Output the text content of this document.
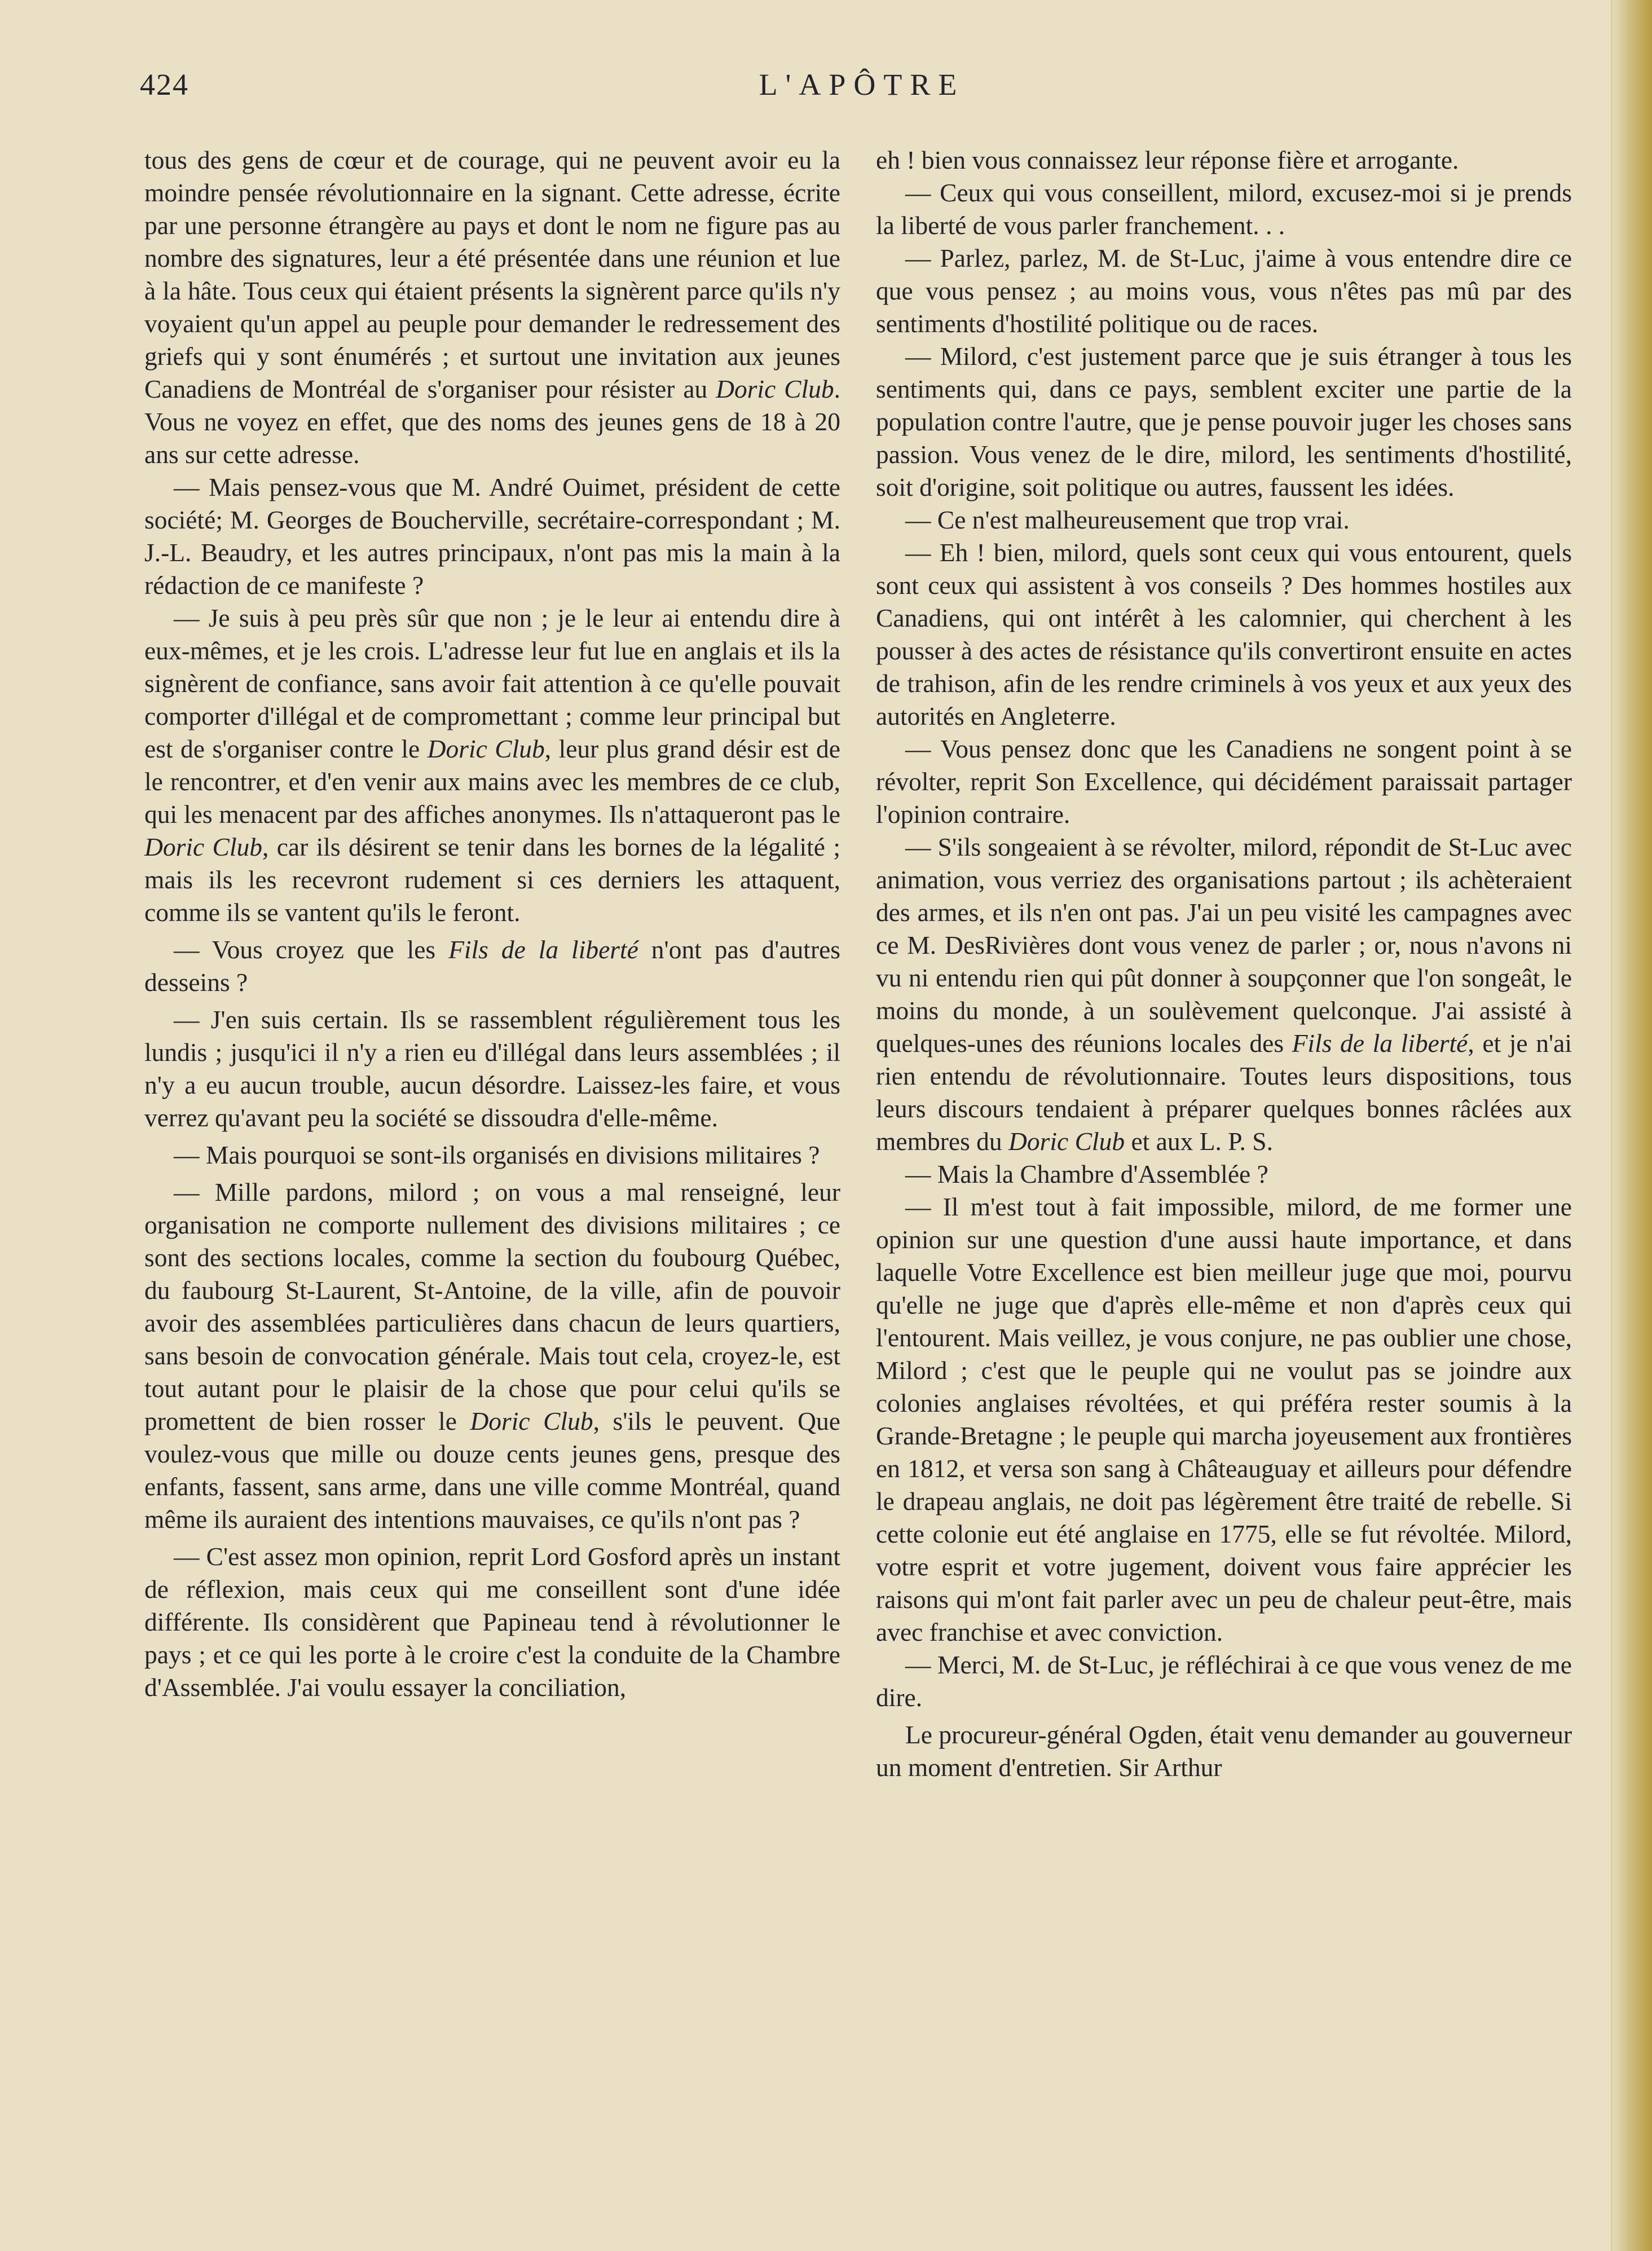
424	L'APÔTRE

tous des gens de cœur et de courage, qui ne peuvent avoir eu la moindre pensée révolutionnaire en la signant. Cette adresse, écrite par une personne étrangère au pays et dont le nom ne figure pas au nombre des signatures, leur a été présentée dans une réunion et lue à la hâte. Tous ceux qui étaient présents la signèrent parce qu'ils n'y voyaient qu'un appel au peuple pour demander le redressement des griefs qui y sont énumérés ; et surtout une invitation aux jeunes Canadiens de Montréal de s'organiser pour résister au Doric Club. Vous ne voyez en effet, que des noms des jeunes gens de 18 à 20 ans sur cette adresse.

— Mais pensez-vous que M. André Ouimet, président de cette société; M. Georges de Boucherville, secrétaire-correspondant ; M. J.-L. Beaudry, et les autres principaux, n'ont pas mis la main à la rédaction de ce manifeste ?

— Je suis à peu près sûr que non ; je le leur ai entendu dire à eux-mêmes, et je les crois. L'adresse leur fut lue en anglais et ils la signèrent de confiance, sans avoir fait attention à ce qu'elle pouvait comporter d'illégal et de compromettant ; comme leur principal but est de s'organiser contre le Doric Club, leur plus grand désir est de le rencontrer, et d'en venir aux mains avec les membres de ce club, qui les menacent par des affiches anonymes. Ils n'attaqueront pas le Doric Club, car ils désirent se tenir dans les bornes de la légalité ; mais ils les recevront rudement si ces derniers les attaquent, comme ils se vantent qu'ils le feront.

— Vous croyez que les Fils de la liberté n'ont pas d'autres desseins ?

— J'en suis certain. Ils se rassemblent régulièrement tous les lundis ; jusqu'ici il n'y a rien eu d'illégal dans leurs assemblées ; il n'y a eu aucun trouble, aucun désordre. Laissez-les faire, et vous verrez qu'avant peu la société se dissoudra d'elle-même.

— Mais pourquoi se sont-ils organisés en divisions militaires ?

— Mille pardons, milord ; on vous a mal renseigné, leur organisation ne comporte nullement des divisions militaires ; ce sont des sections locales, comme la section du foubourg Québec, du faubourg St-Laurent, St-Antoine, de la ville, afin de pouvoir avoir des assemblées particulières dans chacun de leurs quartiers, sans besoin de convocation générale. Mais tout cela, croyez-le, est tout autant pour le plaisir de la chose que pour celui qu'ils se promettent de bien rosser le Doric Club, s'ils le peuvent. Que voulez-vous que mille ou douze cents jeunes gens, presque des enfants, fassent, sans arme, dans une ville comme Montréal, quand même ils auraient des intentions mauvaises, ce qu'ils n'ont pas ?

— C'est assez mon opinion, reprit Lord Gosford après un instant de réflexion, mais ceux qui me conseillent sont d'une idée différente. Ils considèrent que Papineau tend à révolutionner le pays ; et ce qui les porte à le croire c'est la conduite de la Chambre d'Assemblée. J'ai voulu essayer la conciliation,

eh ! bien vous connaissez leur réponse fière et arrogante.

— Ceux qui vous conseillent, milord, excusez-moi si je prends la liberté de vous parler franchement. . .

— Parlez, parlez, M. de St-Luc, j'aime à vous entendre dire ce que vous pensez ; au moins vous, vous n'êtes pas mû par des sentiments d'hostilité politique ou de races.

— Milord, c'est justement parce que je suis étranger à tous les sentiments qui, dans ce pays, semblent exciter une partie de la population contre l'autre, que je pense pouvoir juger les choses sans passion. Vous venez de le dire, milord, les sentiments d'hostilité, soit d'origine, soit politique ou autres, faussent les idées.

— Ce n'est malheureusement que trop vrai.

— Eh ! bien, milord, quels sont ceux qui vous entourent, quels sont ceux qui assistent à vos conseils ? Des hommes hostiles aux Canadiens, qui ont intérêt à les calomnier, qui cherchent à les pousser à des actes de résistance qu'ils convertiront ensuite en actes de trahison, afin de les rendre criminels à vos yeux et aux yeux des autorités en Angleterre.

— Vous pensez donc que les Canadiens ne songent point à se révolter, reprit Son Excellence, qui décidément paraissait partager l'opinion contraire.

— S'ils songeaient à se révolter, milord, répondit de St-Luc avec animation, vous verriez des organisations partout ; ils achèteraient des armes, et ils n'en ont pas. J'ai un peu visité les campagnes avec ce M. DesRivières dont vous venez de parler ; or, nous n'avons ni vu ni entendu rien qui pût donner à soupçonner que l'on songeât, le moins du monde, à un soulèvement quelconque. J'ai assisté à quelques-unes des réunions locales des Fils de la liberté, et je n'ai rien entendu de révolutionnaire. Toutes leurs dispositions, tous leurs discours tendaient à préparer quelques bonnes râclées aux membres du Doric Club et aux L. P. S.

— Mais la Chambre d'Assemblée ?

— Il m'est tout à fait impossible, milord, de me former une opinion sur une question d'une aussi haute importance, et dans laquelle Votre Excellence est bien meilleur juge que moi, pourvu qu'elle ne juge que d'après elle-même et non d'après ceux qui l'entourent. Mais veillez, je vous conjure, ne pas oublier une chose, Milord ; c'est que le peuple qui ne voulut pas se joindre aux colonies anglaises révoltées, et qui préféra rester soumis à la Grande-Bretagne ; le peuple qui marcha joyeusement aux frontières en 1812, et versa son sang à Châteauguay et ailleurs pour défendre le drapeau anglais, ne doit pas légèrement être traité de rebelle. Si cette colonie eut été anglaise en 1775, elle se fut révoltée. Milord, votre esprit et votre jugement, doivent vous faire apprécier les raisons qui m'ont fait parler avec un peu de chaleur peut-être, mais avec franchise et avec conviction.

— Merci, M. de St-Luc, je réfléchirai à ce que vous venez de me dire.

Le procureur-général Ogden, était venu demander au gouverneur un moment d'entretien. Sir Arthur
